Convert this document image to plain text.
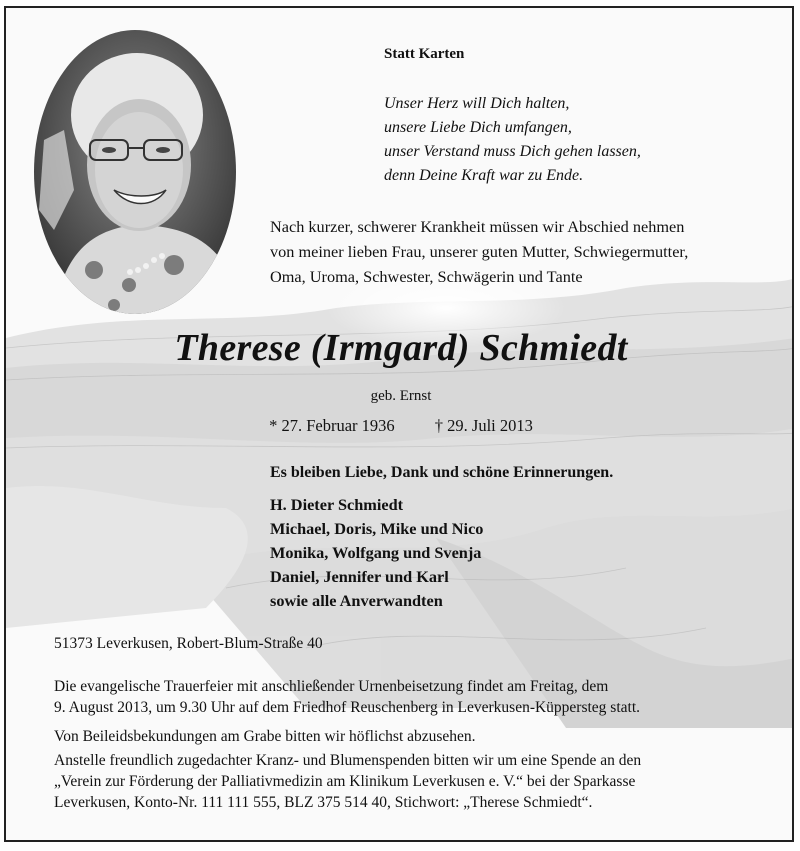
Statt Karten

Unser Herz will Dich halten,
unsere Liebe Dich umfangen,
unser Verstand muss Dich gehen lassen,
denn Deine Kraft war zu Ende.
Nach kurzer, schwerer Krankheit müssen wir Abschied nehmen
von meiner lieben Frau, unserer guten Mutter, Schwiegermutter,
Oma, Uroma, Schwester, Schwägerin und Tante
Therese (Irmgard) Schmiedt

geb. Ernst

* 27. Februar 1936 † 29. Juli 2013

Es bleiben Liebe, Dank und schöne Erinnerungen.

H. Dieter Schmiedt
Michael, Doris, Mike und Nico
Monika, Wolfgang und Svenja
Daniel, Jennifer und Karl
sowie alle Anverwandten

51373 Leverkusen, Robert-Blum-Straße 40

Die evangelische Trauerfeier mit anschließender Urnenbeisetzung findet am Freitag, dem
9. August 2013, um 9.30 Uhr auf dem Friedhof Reuschenberg in Leverkusen-Küppersteg statt.
Von Beileidsbekundungen am Grabe bitten wir höflichst abzusehen.
Anstelle freundlich zugedachter Kranz- und Blumenspenden bitten wir um eine Spende an den
„Verein zur Förderung der Palliativmedizin am Klinikum Leverkusen e. V.“ bei der Sparkasse
Leverkusen, Konto-Nr. 111 111 555, BLZ 375 514 40, Stichwort: „Therese Schmiedt“.
